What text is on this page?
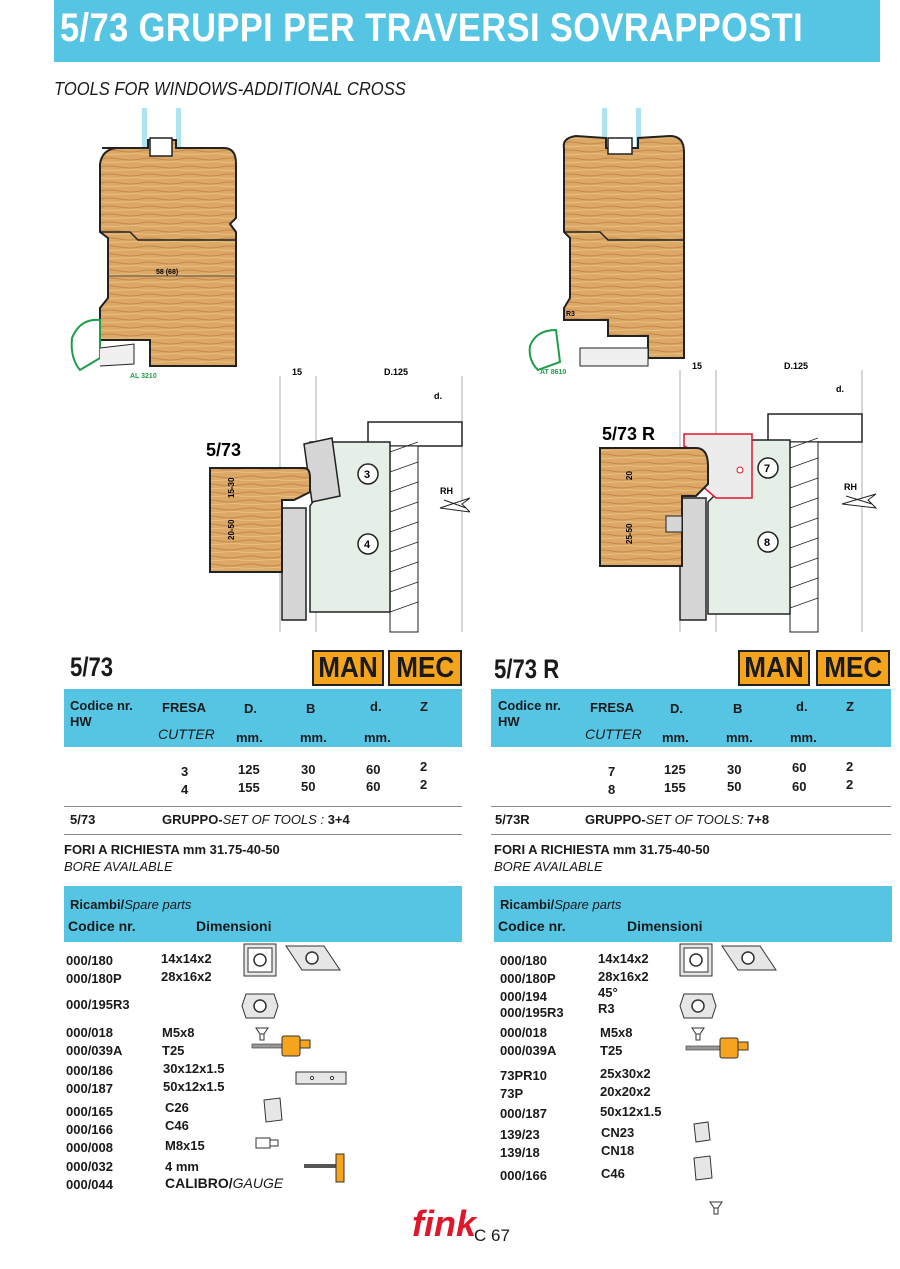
5/73 GRUPPI PER TRAVERSI SOVRAPPOSTI
TOOLS FOR WINDOWS-ADDITIONAL CROSS
58 (68)
AL 3210
R3
AT 8610
15	D.125
d.
3
4
5/73
15-30
20-50
RH
15	D.125
d.
7
8
5/73 R
20
25-50
RH
5/73	MAN MEC
Codice nr.
HW
FRESA
CUTTER
D.
mm.
B
mm.
d.
mm.
Z
3	125	30	60	2
4	155	50	60	2
5/73	GRUPPO-SET OF TOOLS : 3+4
FORI A RICHIESTA mm 31.75-40-50
BORE AVAILABLE
Ricambi/Spare parts
Codice nr.	Dimensioni
000/180	14x14x2
000/180P	28x16x2
000/195R3
000/018	M5x8
000/039A	T25
000/186	30x12x1.5
000/187	50x12x1.5
000/165	C26
000/166	C46
000/008	M8x15
000/032	4 mm
000/044	CALIBRO/GAUGE
5/73 R	MAN MEC
Codice nr.
HW
FRESA
CUTTER
D.
mm.
B
mm.
d.
mm.
Z
7	125	30	60	2
8	155	50	60	2
5/73R	GRUPPO-SET OF TOOLS: 7+8
FORI A RICHIESTA mm 31.75-40-50
BORE AVAILABLE
Ricambi/Spare parts
Codice nr.	Dimensioni
000/180	14x14x2
000/180P	28x16x2
000/194	45°
000/195R3	R3
000/018	M5x8
000/039A	T25
73PR10	25x30x2
73P	20x20x2
000/187	50x12x1.5
139/23	CN23
139/18	CN18
000/166	C46
fink
C 67
